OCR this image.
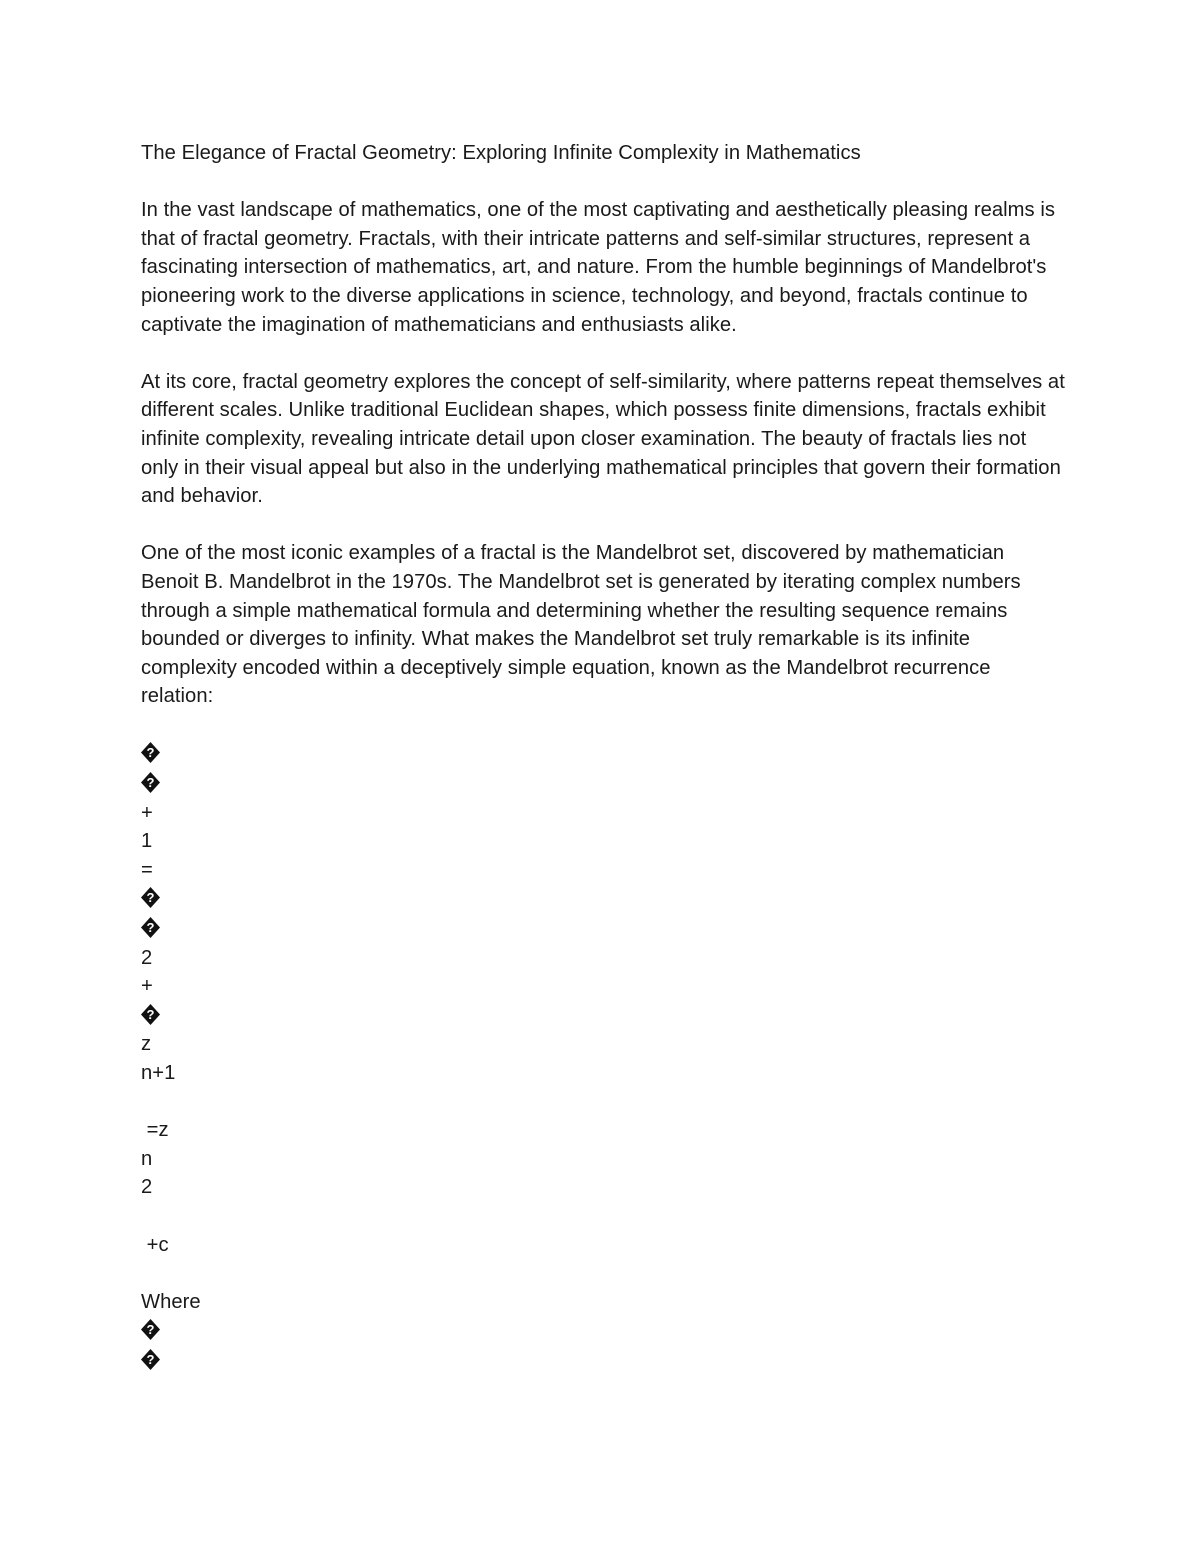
The Elegance of Fractal Geometry: Exploring Infinite Complexity in Mathematics

In the vast landscape of mathematics, one of the most captivating and aesthetically pleasing realms is that of fractal geometry. Fractals, with their intricate patterns and self-similar structures, represent a fascinating intersection of mathematics, art, and nature. From the humble beginnings of Mandelbrot's pioneering work to the diverse applications in science, technology, and beyond, fractals continue to captivate the imagination of mathematicians and enthusiasts alike.

At its core, fractal geometry explores the concept of self-similarity, where patterns repeat themselves at different scales. Unlike traditional Euclidean shapes, which possess finite dimensions, fractals exhibit infinite complexity, revealing intricate detail upon closer examination. The beauty of fractals lies not only in their visual appeal but also in the underlying mathematical principles that govern their formation and behavior.

One of the most iconic examples of a fractal is the Mandelbrot set, discovered by mathematician Benoit B. Mandelbrot in the 1970s. The Mandelbrot set is generated by iterating complex numbers through a simple mathematical formula and determining whether the resulting sequence remains bounded or diverges to infinity. What makes the Mandelbrot set truly remarkable is its infinite complexity encoded within a deceptively simple equation, known as the Mandelbrot recurrence relation:

?
?
+
1
=
?
?
2
+
?
z
n+1

=z
n
2

+c

Where
?
?
